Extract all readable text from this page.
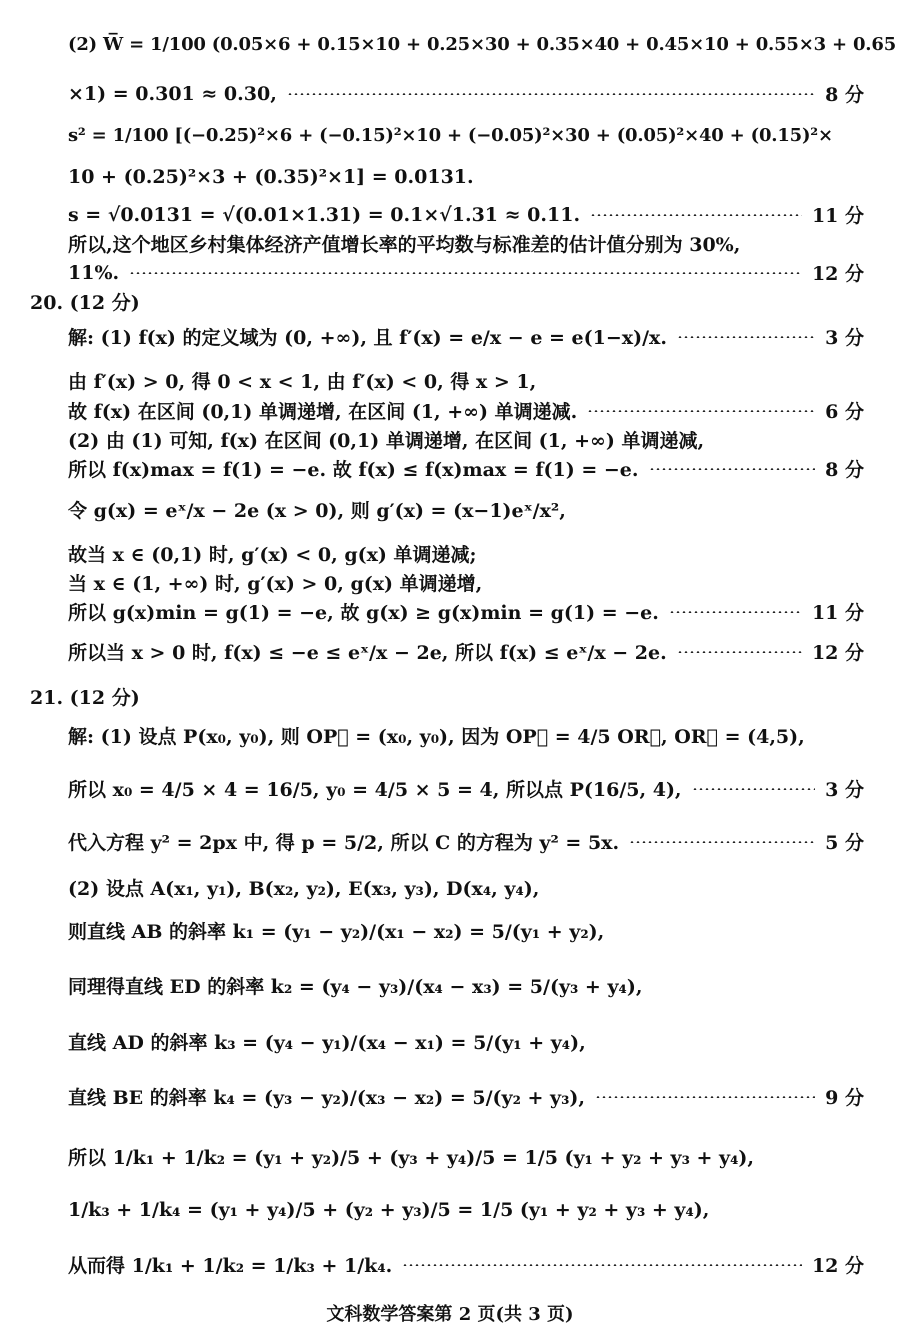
(2) W̅ = 1/100 (0.05×6 + 0.15×10 + 0.25×30 + 0.35×40 + 0.45×10 + 0.55×3 + 0.65
×1) = 0.301 ≈ 0.30,	8 分
s² = 1/100 [(−0.25)²×6 + (−0.15)²×10 + (−0.05)²×30 + (0.05)²×40 + (0.15)²×
10 + (0.25)²×3 + (0.35)²×1] = 0.0131.
s = √0.0131 = √(0.01×1.31) = 0.1×√1.31 ≈ 0.11.	11 分
所以,这个地区乡村集体经济产值增长率的平均数与标准差的估计值分别为 30%,
11%.	12 分
20. (12 分)
解: (1) f(x) 的定义域为 (0, +∞), 且 f′(x) = e/x − e = e(1−x)/x.	3 分
由 f′(x) > 0, 得 0 < x < 1, 由 f′(x) < 0, 得 x > 1,
故 f(x) 在区间 (0,1) 单调递增, 在区间 (1, +∞) 单调递减.	6 分
(2) 由 (1) 可知, f(x) 在区间 (0,1) 单调递增, 在区间 (1, +∞) 单调递减,
所以 f(x)max = f(1) = −e. 故 f(x) ≤ f(x)max = f(1) = −e.	8 分
令 g(x) = eˣ/x − 2e (x > 0), 则 g′(x) = (x−1)eˣ/x²,
故当 x ∈ (0,1) 时, g′(x) < 0, g(x) 单调递减;
当 x ∈ (1, +∞) 时, g′(x) > 0, g(x) 单调递增,
所以 g(x)min = g(1) = −e, 故 g(x) ≥ g(x)min = g(1) = −e.	11 分
所以当 x > 0 时, f(x) ≤ −e ≤ eˣ/x − 2e, 所以 f(x) ≤ eˣ/x − 2e.	12 分
21. (12 分)
解: (1) 设点 P(x₀, y₀), 则 OP⃗ = (x₀, y₀), 因为 OP⃗ = 4/5 OR⃗, OR⃗ = (4,5),
所以 x₀ = 4/5 × 4 = 16/5, y₀ = 4/5 × 5 = 4, 所以点 P(16/5, 4),	3 分
代入方程 y² = 2px 中, 得 p = 5/2, 所以 C 的方程为 y² = 5x.	5 分
(2) 设点 A(x₁, y₁), B(x₂, y₂), E(x₃, y₃), D(x₄, y₄),
则直线 AB 的斜率 k₁ = (y₁ − y₂)/(x₁ − x₂) = 5/(y₁ + y₂),
同理得直线 ED 的斜率 k₂ = (y₄ − y₃)/(x₄ − x₃) = 5/(y₃ + y₄),
直线 AD 的斜率 k₃ = (y₄ − y₁)/(x₄ − x₁) = 5/(y₁ + y₄),
直线 BE 的斜率 k₄ = (y₃ − y₂)/(x₃ − x₂) = 5/(y₂ + y₃),	9 分
所以 1/k₁ + 1/k₂ = (y₁ + y₂)/5 + (y₃ + y₄)/5 = 1/5 (y₁ + y₂ + y₃ + y₄),
1/k₃ + 1/k₄ = (y₁ + y₄)/5 + (y₂ + y₃)/5 = 1/5 (y₁ + y₂ + y₃ + y₄),
从而得 1/k₁ + 1/k₂ = 1/k₃ + 1/k₄.	12 分
文科数学答案第 2 页(共 3 页)
